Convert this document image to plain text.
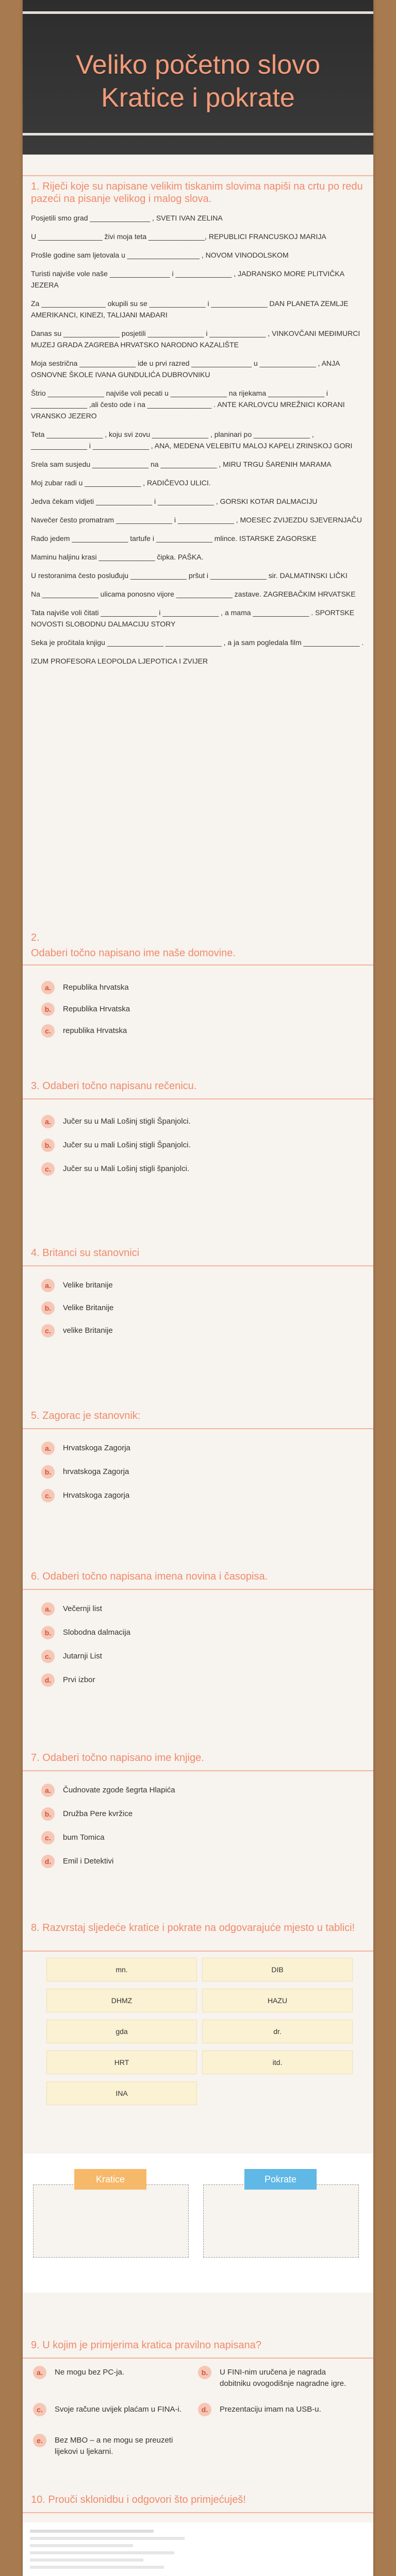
Veliko početno slovo
Kratice i pokrate
1. Riječi koje su napisane velikim tiskanim slovima napiši na crtu po redu pazeći na pisanje velikog i malog slova.
Posjetili smo grad _______________ , SVETI IVAN ZELINA
U ________________ živi moja teta ______________, REPUBLICI FRANCUSKOJ MARIJA
Prošle godine sam ljetovala u __________________ , NOVOM VINODOLSKOM
Turisti najviše vole naše _______________ i ______________ , JADRANSKO MORE PLITVIČKA JEZERA
Za ________________ okupili su se ______________ i ______________ DAN PLANETA ZEMLJE AMERIKANCI, KINEZI, TALIJANI MAĐARI
Danas su ______________ posjetili ______________ i ______________ , VINKOVČANI MEĐIMURCI MUZEJ GRADA ZAGREBA HRVATSKO NARODNO KAZALIŠTE
Moja sestrična ______________ ide u prvi razred _______________ u ______________ , ANJA OSNOVNE ŠKOLE IVANA GUNDULIĆA DUBROVNIKU
Štrio ______________ najviše voli pecati u ______________ na rijekama ______________ i ______________ ,ali često ode i na ________________ . ANTE KARLOVCU MREŽNICI KORANI VRANSKO JEZERO
Teta ______________ , koju svi zovu ______________ , planinari po ______________ , ______________ i ______________ , ANA, MEDENA VELEBITU MALOJ KAPELI ZRINSKOJ GORI
Srela sam susjedu ______________ na ______________ , MIRU TRGU ŠARENIH MARAMA
Moj zubar radi u ______________ , RADIČEVOJ ULICI.
Jedva čekam vidjeti ______________ i ______________ , GORSKI KOTAR DALMACIJU
Navečer često promatram ______________ i ______________ , MOESEC ZVIJEZDU SJEVERNJAČU
Rado jedem ______________ tartufe i ______________ mlince. ISTARSKE ZAGORSKE
Maminu haljinu krasi ______________ čipka. PAŠKA.
U restoranima često posluđuju ______________ pršut i ______________ sir. DALMATINSKI LIČKI
Na ______________ ulicama ponosno vijore ______________ zastave. ZAGREBAČKIM HRVATSKE
Tata najviše voli čitati ______________ i ______________ , a mama ______________ . SPORTSKE NOVOSTI SLOBODNU DALMACIJU STORY
Seka je pročitala knjigu ______________ ______________ , a ja sam pogledala film ______________ .
IZUM PROFESORA LEOPOLDA LJEPOTICA I ZVIJER
2.
Odaberi točno napisano ime naše domovine.
a.	Republika hrvatska
b.	Republika Hrvatska
c.	republika Hrvatska
3. Odaberi točno napisanu rečenicu.
a.	Jučer su u Mali Lošinj stigli Španjolci.
b.	Jučer su u mali Lošinj stigli Španjolci.
c.	Jučer su u Mali Lošinj stigli španjolci.
4. Britanci su stanovnici
a.	Velike britanije
b.	Velike Britanije
c.	velike Britanije
5. Zagorac je stanovnik:
a.	Hrvatskoga Zagorja
b.	hrvatskoga Zagorja
c.	Hrvatskoga zagorja
6. Odaberi točno napisana imena novina i časopisa.
a.	Večernji list
b.	Slobodna dalmacija
c.	Jutarnji List
d.	Prvi izbor
7. Odaberi točno napisano ime knjige.
a.	Čudnovate zgode šegrta Hlapića
b.	Družba Pere kvržice
c.	bum Tomica
d.	Emil i Detektivi
8. Razvrstaj sljedeće kratice i pokrate na odgovarajuće mjesto u tablici!
mn.	DIB
DHMZ	HAZU
gda	dr.
HRT	itd.
INA
Kratice	Pokrate
9. U kojim je primjerima kratica pravilno napisana?
a.	Ne mogu bez PC-ja.	b.	U FINI-nim uručena je nagrada dobitniku ovogodišnje nagradne igre.
c.	Svoje račune uvijek plaćam u FINA-i.	d.	Prezentaciju imam na USB-u.
e.	Bez MBO – a ne mogu se preuzeti lijekovi u ljekarni.
10. Prouči sklonidbu i odgovori što primjećuješ!
